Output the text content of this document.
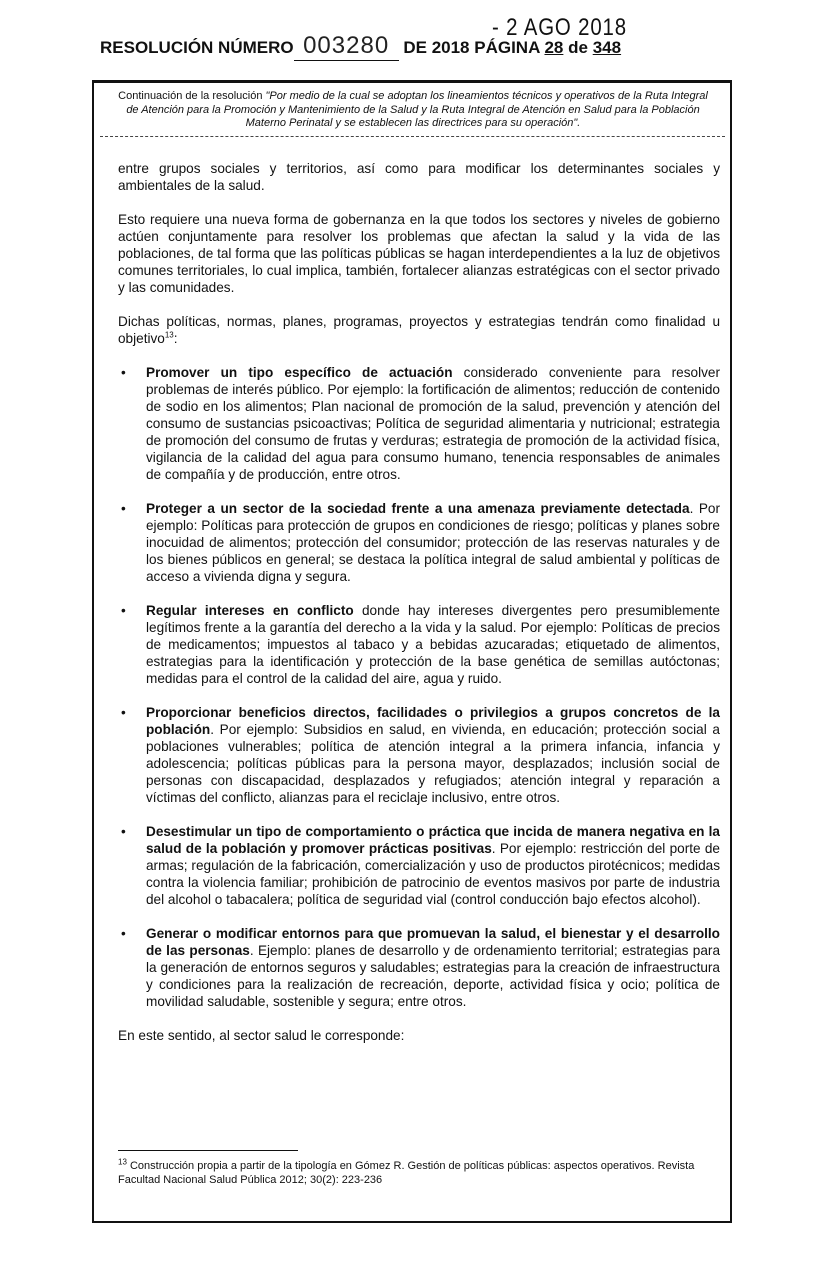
- 2 AGO 2018
RESOLUCIÓN NÚMERO 003280 DE 2018 PÁGINA 28 de 348
Continuación de la resolución "Por medio de la cual se adoptan los lineamientos técnicos y operativos de la Ruta Integral de Atención para la Promoción y Mantenimiento de la Salud y la Ruta Integral de Atención en Salud para la Población Materno Perinatal y se establecen las directrices para su operación".

entre grupos sociales y territorios, así como para modificar los determinantes sociales y ambientales de la salud.

Esto requiere una nueva forma de gobernanza en la que todos los sectores y niveles de gobierno actúen conjuntamente para resolver los problemas que afectan la salud y la vida de las poblaciones, de tal forma que las políticas públicas se hagan interdependientes a la luz de objetivos comunes territoriales, lo cual implica, también, fortalecer alianzas estratégicas con el sector privado y las comunidades.

Dichas políticas, normas, planes, programas, proyectos y estrategias tendrán como finalidad u objetivo$^{13}$:

• Promover un tipo específico de actuación considerado conveniente para resolver problemas de interés público. Por ejemplo: la fortificación de alimentos; reducción de contenido de sodio en los alimentos; Plan nacional de promoción de la salud, prevención y atención del consumo de sustancias psicoactivas; Política de seguridad alimentaria y nutricional; estrategia de promoción del consumo de frutas y verduras; estrategia de promoción de la actividad física, vigilancia de la calidad del agua para consumo humano, tenencia responsables de animales de compañía y de producción, entre otros.
• Proteger a un sector de la sociedad frente a una amenaza previamente detectada. Por ejemplo: Políticas para protección de grupos en condiciones de riesgo; políticas y planes sobre inocuidad de alimentos; protección del consumidor; protección de las reservas naturales y de los bienes públicos en general; se destaca la política integral de salud ambiental y políticas de acceso a vivienda digna y segura.
• Regular intereses en conflicto donde hay intereses divergentes pero presumiblemente legítimos frente a la garantía del derecho a la vida y la salud. Por ejemplo: Políticas de precios de medicamentos; impuestos al tabaco y a bebidas azucaradas; etiquetado de alimentos, estrategias para la identificación y protección de la base genética de semillas autóctonas; medidas para el control de la calidad del aire, agua y ruido.
• Proporcionar beneficios directos, facilidades o privilegios a grupos concretos de la población. Por ejemplo: Subsidios en salud, en vivienda, en educación; protección social a poblaciones vulnerables; política de atención integral a la primera infancia, infancia y adolescencia; políticas públicas para la persona mayor, desplazados; inclusión social de personas con discapacidad, desplazados y refugiados; atención integral y reparación a víctimas del conflicto, alianzas para el reciclaje inclusivo, entre otros.
• Desestimular un tipo de comportamiento o práctica que incida de manera negativa en la salud de la población y promover prácticas positivas. Por ejemplo: restricción del porte de armas; regulación de la fabricación, comercialización y uso de productos pirotécnicos; medidas contra la violencia familiar; prohibición de patrocinio de eventos masivos por parte de industria del alcohol o tabacalera; política de seguridad vial (control conducción bajo efectos alcohol).
• Generar o modificar entornos para que promuevan la salud, el bienestar y el desarrollo de las personas. Ejemplo: planes de desarrollo y de ordenamiento territorial; estrategias para la generación de entornos seguros y saludables; estrategias para la creación de infraestructura y condiciones para la realización de recreación, deporte, actividad física y ocio; política de movilidad saludable, sostenible y segura; entre otros.

En este sentido, al sector salud le corresponde:

$^{13}$ Construcción propia a partir de la tipología en Gómez R. Gestión de políticas públicas: aspectos operativos. Revista Facultad Nacional Salud Pública 2012; 30(2): 223-236
